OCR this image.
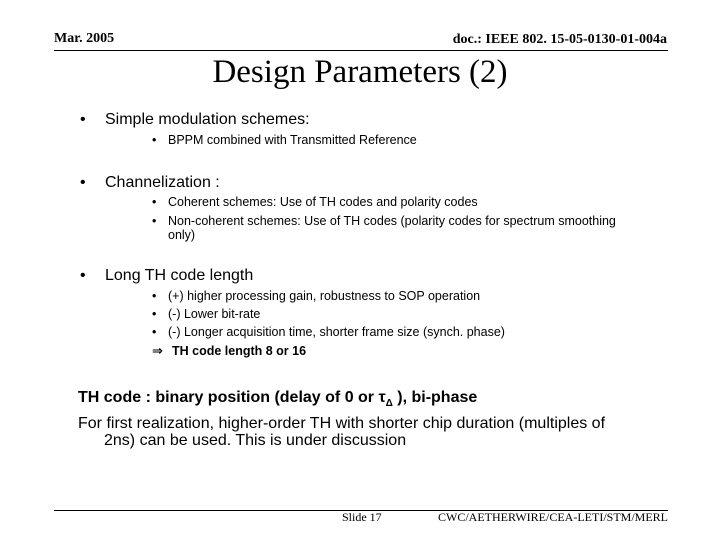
Mar. 2005	doc.: IEEE 802. 15-05-0130-01-004a
Design Parameters (2)
• Simple modulation schemes:
• BPPM combined with Transmitted Reference
• Channelization :
• Coherent schemes: Use of TH codes and polarity codes
• Non-coherent schemes: Use of TH codes (polarity codes for spectrum smoothing
only)
• Long TH code length
• (+) higher processing gain, robustness to SOP operation
• (-) Lower bit-rate
• (-) Longer acquisition time, shorter frame size (synch. phase)
⇒ TH code length 8 or 16
TH code : binary position (delay of 0 or $\tau_\Delta$ ), bi-phase
For first realization, higher-order TH with shorter chip duration (multiples of
2ns) can be used. This is under discussion
Slide 17	CWC/AETHERWIRE/CEA-LETI/STM/MERL
